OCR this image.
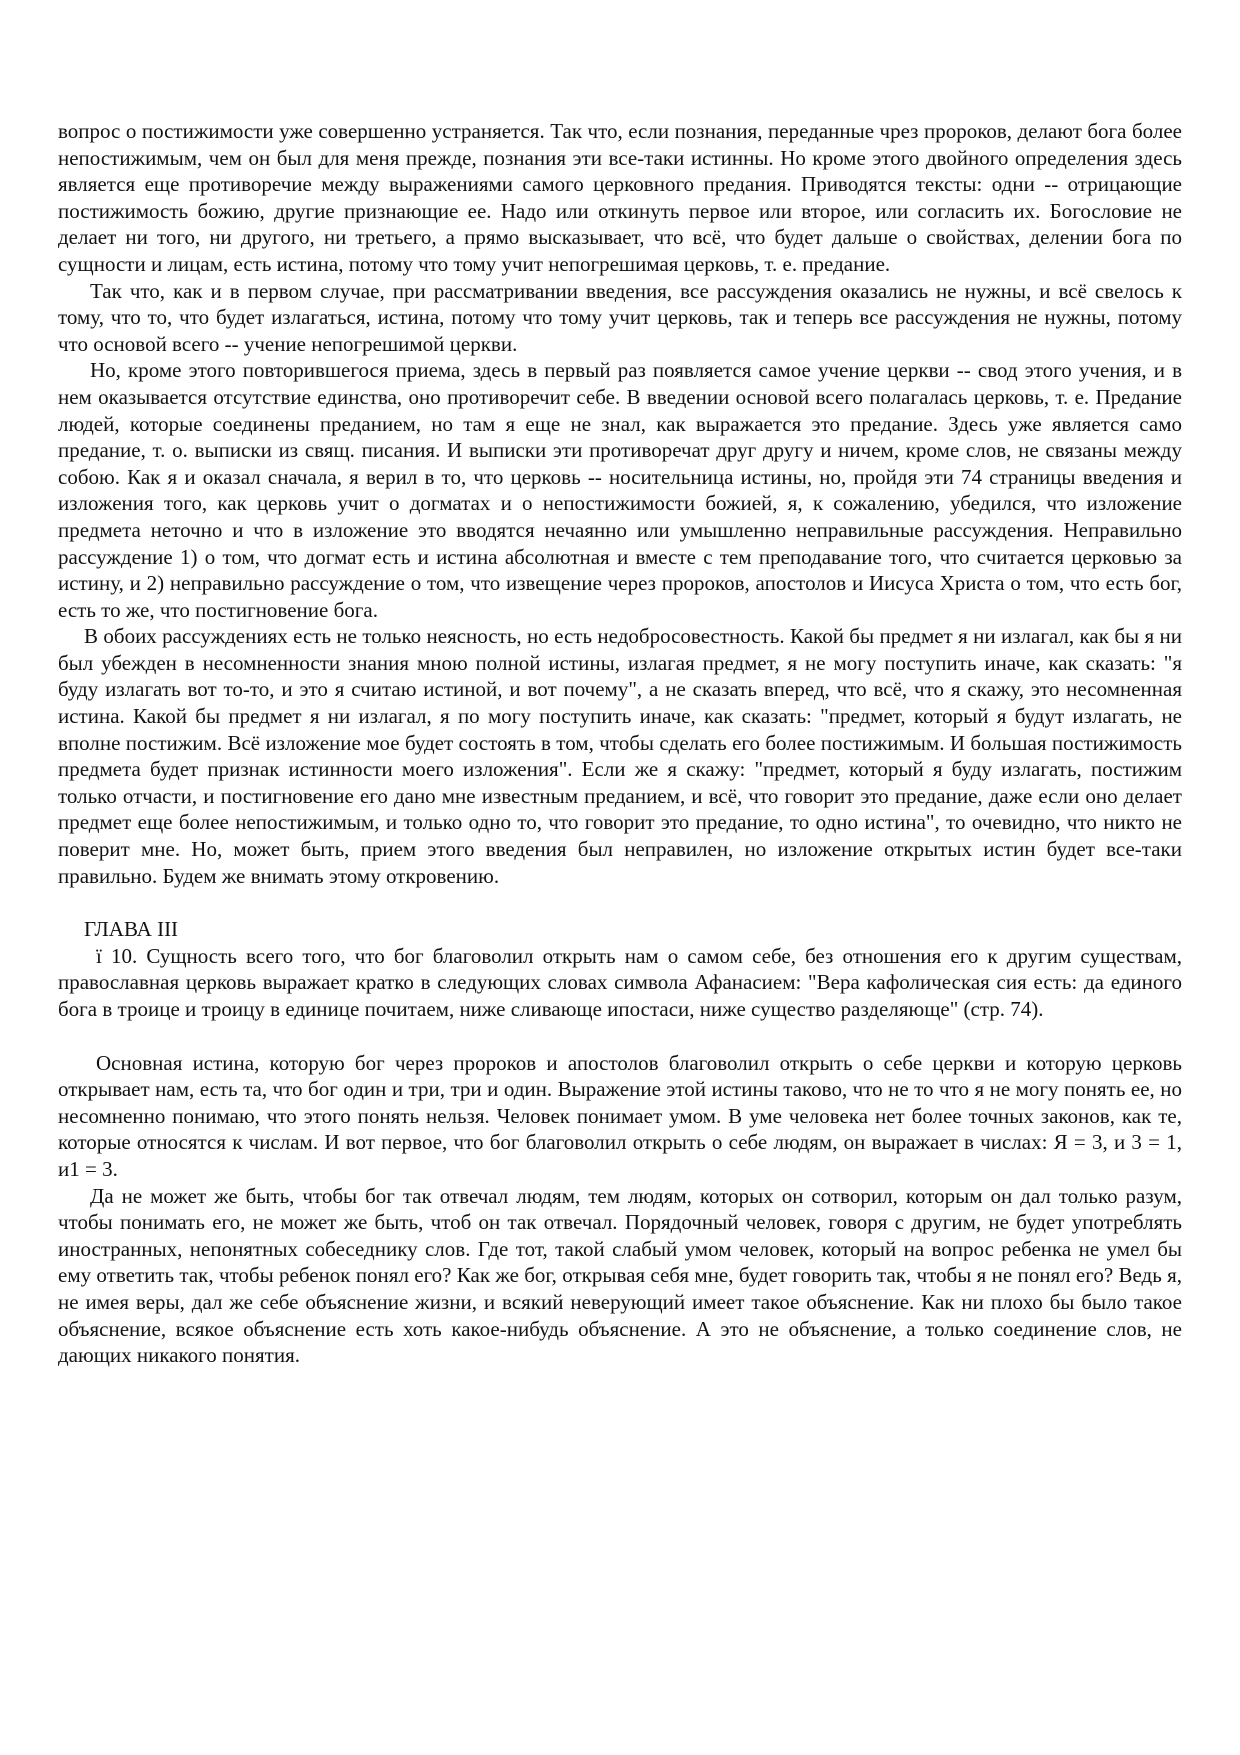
вопрос о постижимости уже совершенно устраняется. Так что, если познания, переданные чрез пророков, делают бога более непостижимым, чем он был для меня прежде, познания эти все-таки истинны. Но кроме этого двойного определения здесь является еще противоречие между выражениями самого церковного предания. Приводятся тексты: одни -- отрицающие постижимость божию, другие признающие ее. Надо или откинуть первое или второе, или согласить их. Богословие не делает ни того, ни другого, ни третьего, а прямо высказывает, что всё, что будет дальше о свойствах, делении бога по сущности и лицам, есть истина, потому что тому учит непогрешимая церковь, т. е. предание.

Так что, как и в первом случае, при рассматривании введения, все рассуждения оказались не нужны, и всё свелось к тому, что то, что будет излагаться, истина, потому что тому учит церковь, так и теперь все рассуждения не нужны, потому что основой всего -- учение непогрешимой церкви.

Но, кроме этого повторившегося приема, здесь в первый раз появляется самое учение церкви -- свод этого учения, и в нем оказывается отсутствие единства, оно противоречит себе. В введении основой всего полагалась церковь, т. е. Предание людей, которые соединены преданием, но там я еще не знал, как выражается это предание. Здесь уже является само предание, т. о. выписки из свящ. писания. И выписки эти противоречат друг другу и ничем, кроме слов, не связаны между собою. Как я и оказал сначала, я верил в то, что церковь -- носительница истины, но, пройдя эти 74 страницы введения и изложения того, как церковь учит о догматах и о непостижимости божией, я, к сожалению, убедился, что изложение предмета неточно и что в изложение это вводятся нечаянно или умышленно неправильные рассуждения. Неправильно рассуждение 1) о том, что догмат есть и истина абсолютная и вместе с тем преподавание того, что считается церковью за истину, и 2) неправильно рассуждение о том, что извещение через пророков, апостолов и Иисуса Христа о том, что есть бог, есть то же, что постигновение бога.

В обоих рассуждениях есть не только неясность, но есть недобросовестность. Какой бы предмет я ни излагал, как бы я ни был убежден в несомненности знания мною полной истины, излагая предмет, я не могу поступить иначе, как сказать: "я буду излагать вот то-то, и это я считаю истиной, и вот почему", а не сказать вперед, что всё, что я скажу, это несомненная истина. Какой бы предмет я ни излагал, я по могу поступить иначе, как сказать: "предмет, который я будут излагать, не вполне постижим. Всё изложение мое будет состоять в том, чтобы сделать его более постижимым. И большая постижимость предмета будет признак истинности моего изложения". Если же я скажу: "предмет, который я буду излагать, постижим только отчасти, и постигновение его дано мне известным преданием, и всё, что говорит это предание, даже если оно делает предмет еще более непостижимым, и только одно то, что говорит это предание, то одно истина", то очевидно, что никто не поверит мне. Но, может быть, прием этого введения был неправилен, но изложение открытых истин будет все-таки правильно. Будем же внимать этому откровению.

ГЛАВА III

ї 10. Сущность всего того, что бог благоволил открыть нам о самом себе, без отношения его к другим существам, православная церковь выражает кратко в следующих словах символа Афанасием: "Вера кафолическая сия есть: да единого бога в троице и троицу в единице почитаем, ниже сливающе ипостаси, ниже существо разделяюще" (стр. 74).

Основная истина, которую бог через пророков и апостолов благоволил открыть о себе церкви и которую церковь открывает нам, есть та, что бог один и три, три и один. Выражение этой истины таково, что не то что я не могу понять ее, но несомненно понимаю, что этого понять нельзя. Человек понимает умом. В уме человека нет более точных законов, как те, которые относятся к числам. И вот первое, что бог благоволил открыть о себе людям, он выражает в числах: Я = 3, и 3 = 1, и1 = 3.

Да не может же быть, чтобы бог так отвечал людям, тем людям, которых он сотворил, которым он дал только разум, чтобы понимать его, не может же быть, чтоб он так отвечал. Порядочный человек, говоря с другим, не будет употреблять иностранных, непонятных собеседнику слов. Где тот, такой слабый умом человек, который на вопрос ребенка не умел бы ему ответить так, чтобы ребенок понял его? Как же бог, открывая себя мне, будет говорить так, чтобы я не понял его? Ведь я, не имея веры, дал же себе объяснение жизни, и всякий неверующий имеет такое объяснение. Как ни плохо бы было такое объяснение, всякое объяснение есть хоть какое-нибудь объяснение. А это не объяснение, а только соединение слов, не дающих никакого понятия.
